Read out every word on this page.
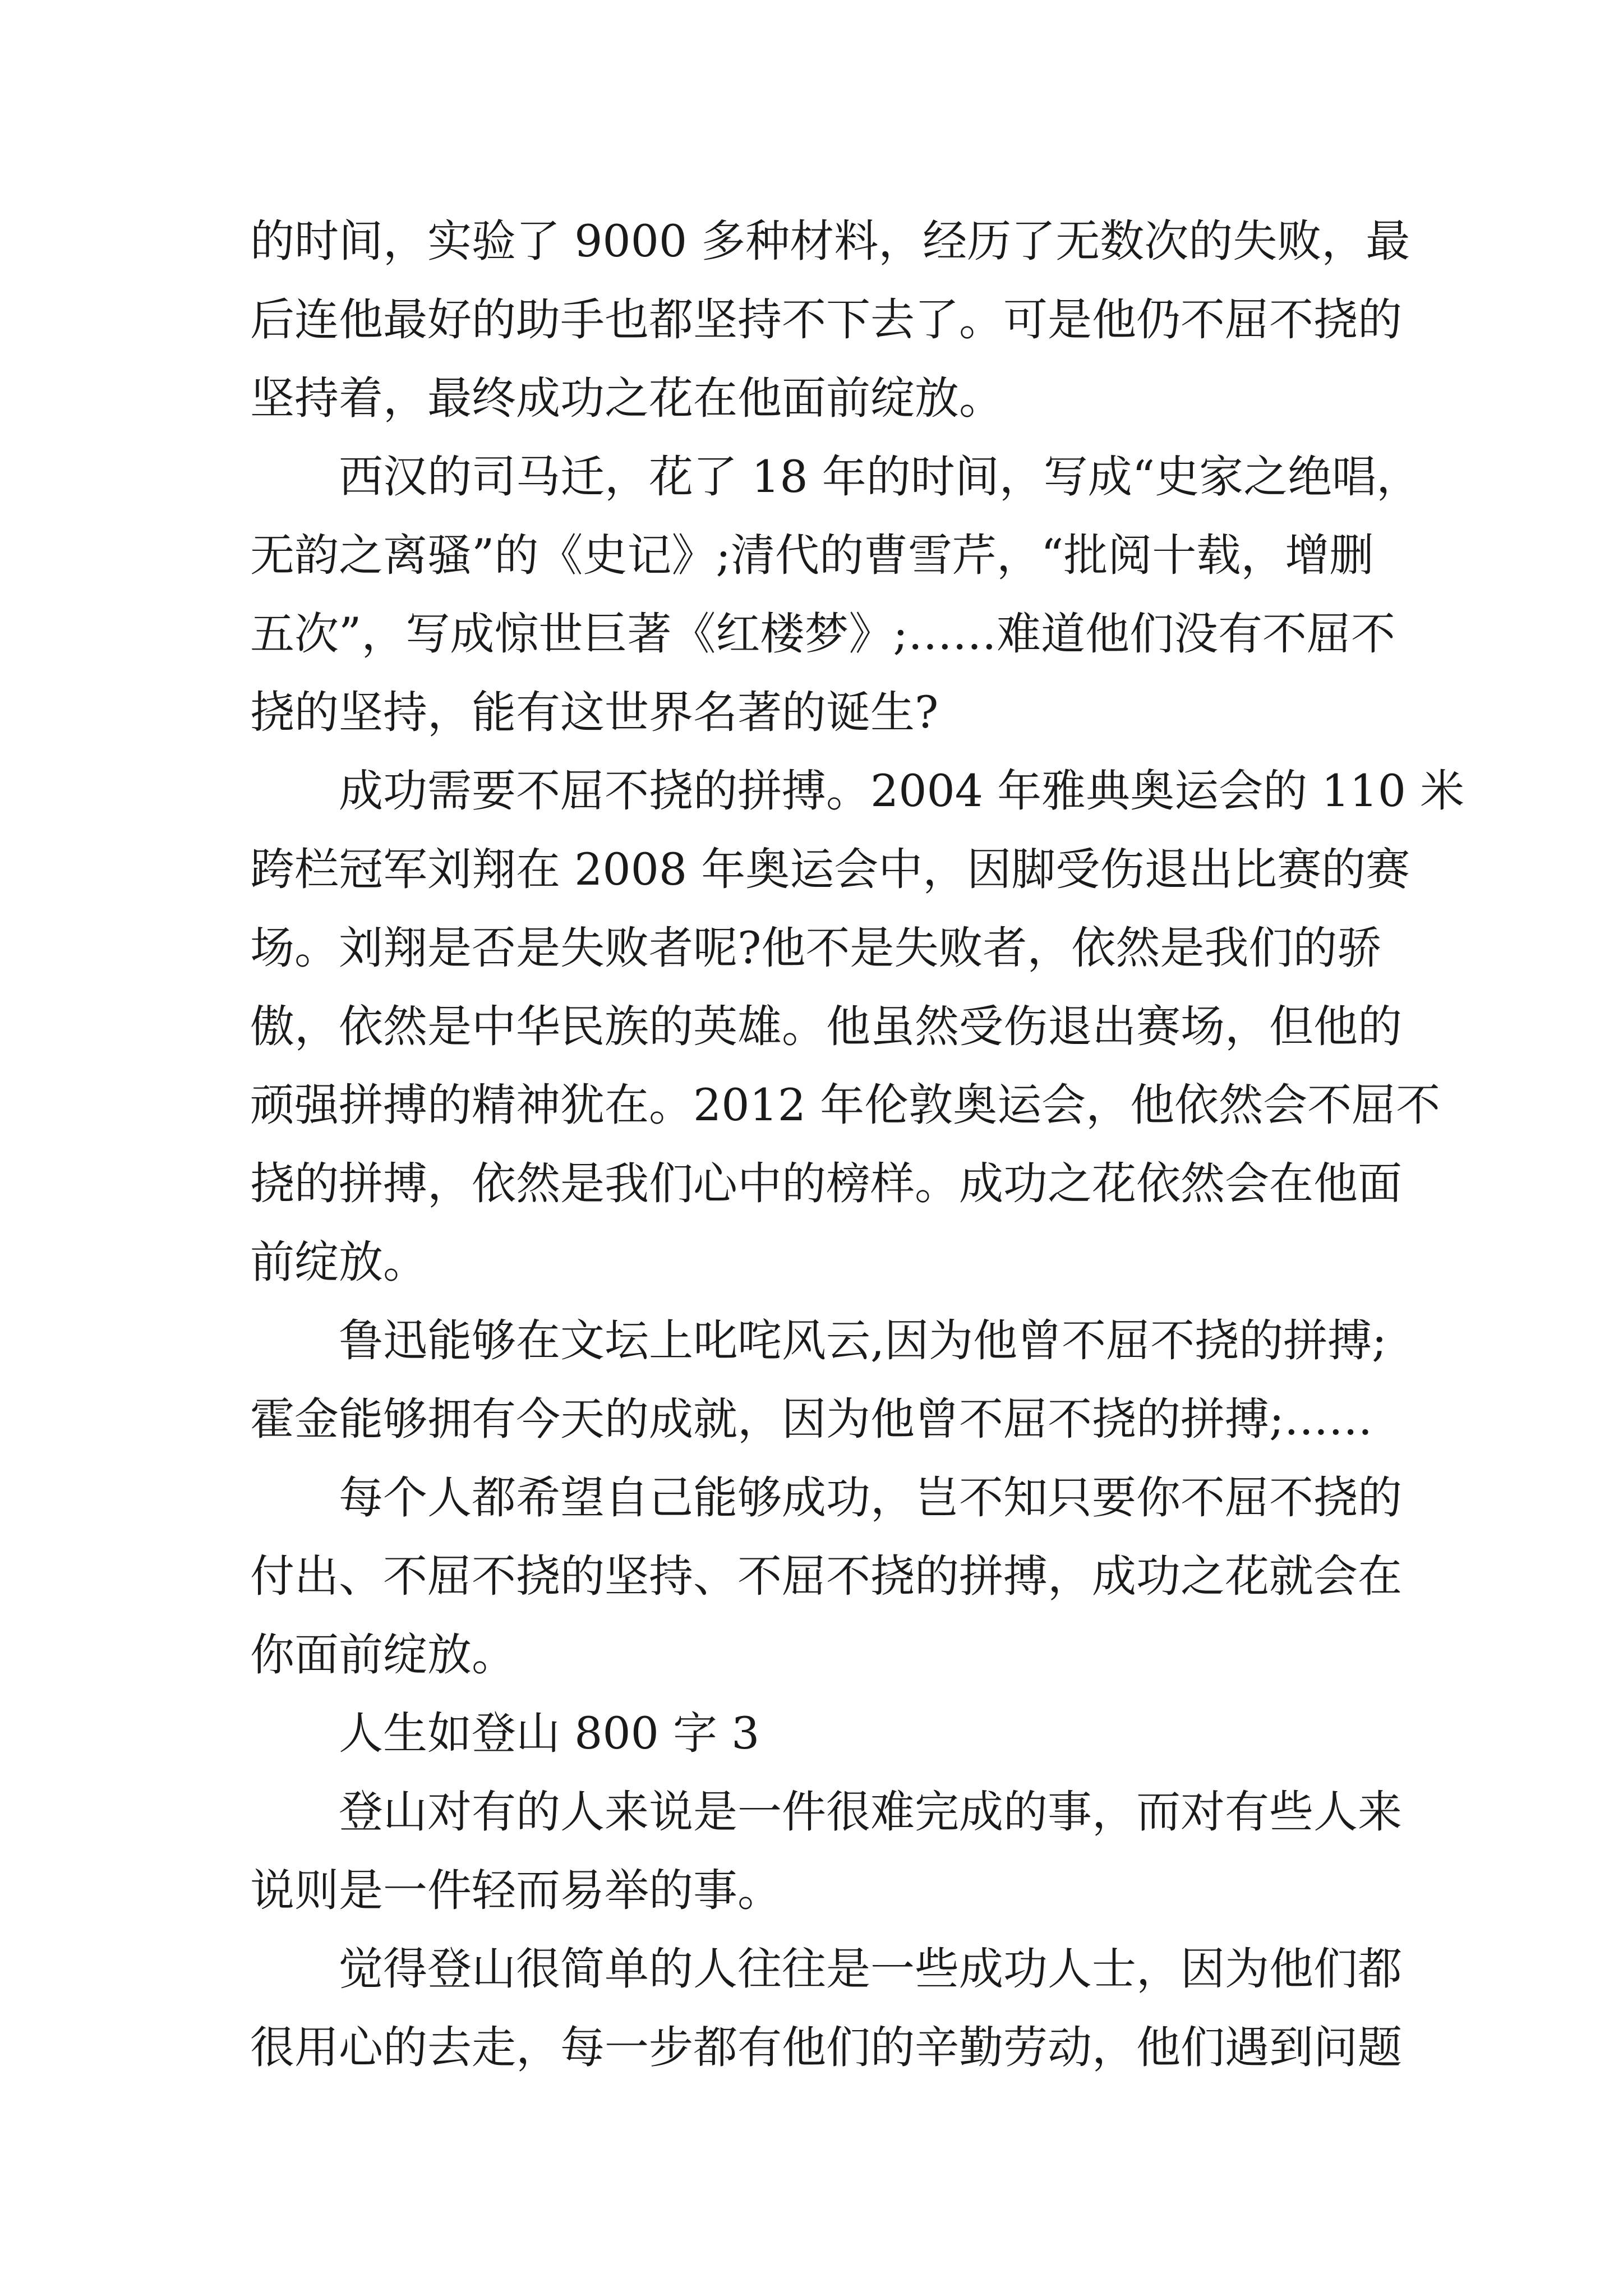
的时间，实验了 9000 多种材料，经历了无数次的失败，最
后连他最好的助手也都坚持不下去了。可是他仍不屈不挠的
坚持着，最终成功之花在他面前绽放。

西汉的司马迁，花了 18 年的时间，写成“史家之绝唱，
无韵之离骚”的《史记》;清代的曹雪芹，“批阅十载，增删
五次”，写成惊世巨著《红楼梦》;……难道他们没有不屈不
挠的坚持，能有这世界名著的诞生?

成功需要不屈不挠的拼搏。2004 年雅典奥运会的 110 米
跨栏冠军刘翔在 2008 年奥运会中，因脚受伤退出比赛的赛
场。刘翔是否是失败者呢?他不是失败者，依然是我们的骄
傲，依然是中华民族的英雄。他虽然受伤退出赛场，但他的
顽强拼搏的精神犹在。2012 年伦敦奥运会，他依然会不屈不
挠的拼搏，依然是我们心中的榜样。成功之花依然会在他面
前绽放。

鲁迅能够在文坛上叱咤风云,因为他曾不屈不挠的拼搏;
霍金能够拥有今天的成就，因为他曾不屈不挠的拼搏;……

每个人都希望自己能够成功，岂不知只要你不屈不挠的
付出、不屈不挠的坚持、不屈不挠的拼搏，成功之花就会在
你面前绽放。

人生如登山 800 字 3

登山对有的人来说是一件很难完成的事，而对有些人来
说则是一件轻而易举的事。

觉得登山很简单的人往往是一些成功人士，因为他们都
很用心的去走，每一步都有他们的辛勤劳动，他们遇到问题
